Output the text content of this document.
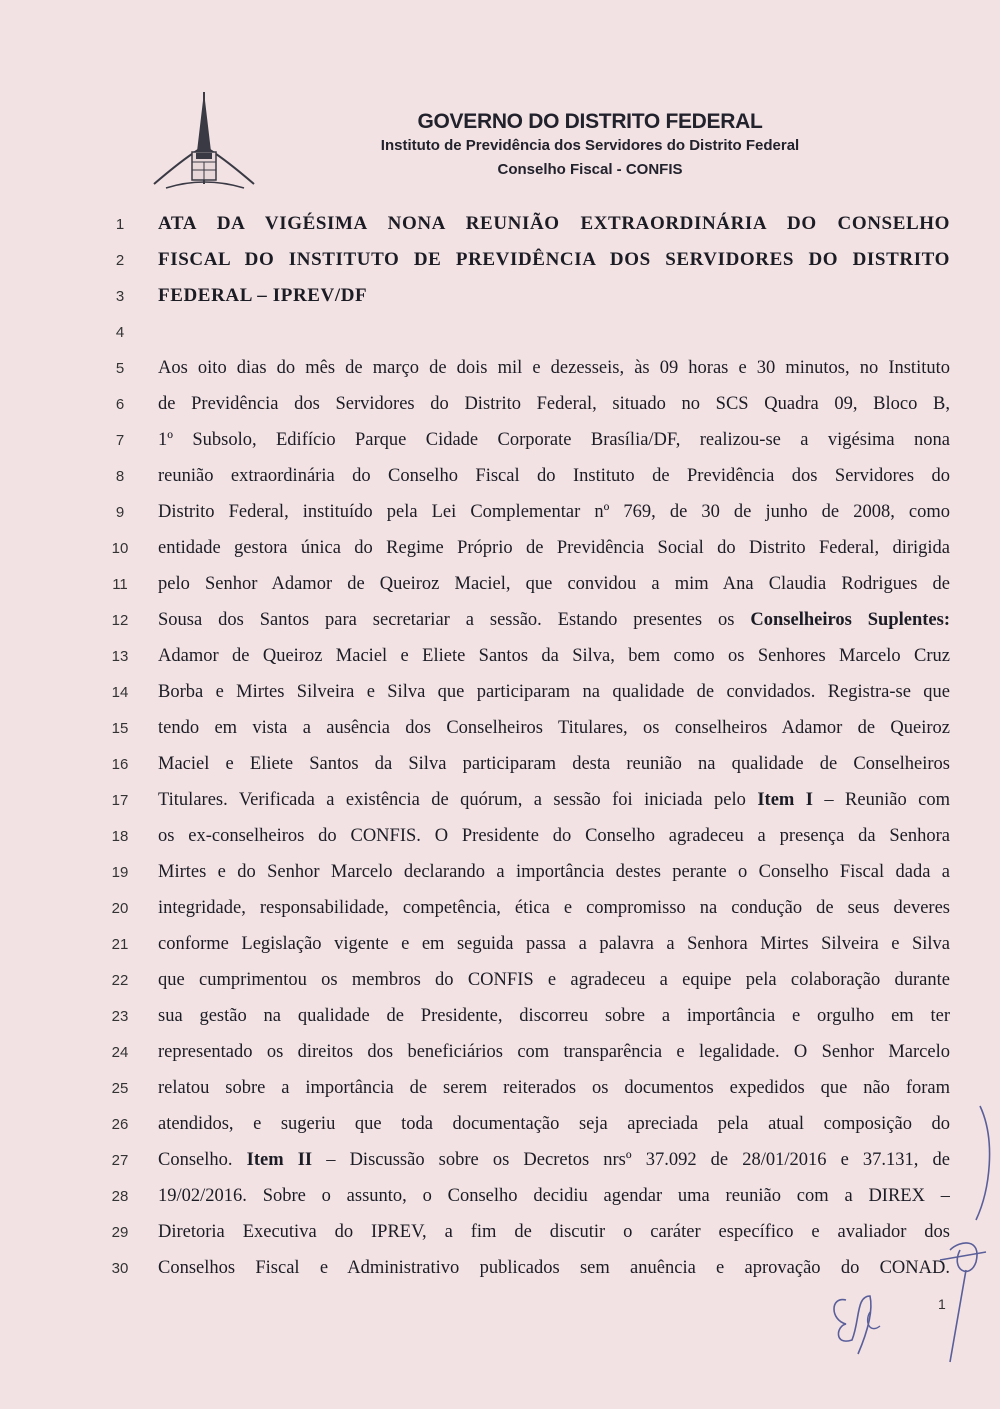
GOVERNO DO DISTRITO FEDERAL
Instituto de Previdência dos Servidores do Distrito Federal
Conselho Fiscal - CONFIS
1	ATA DA VIGÉSIMA NONA REUNIÃO EXTRAORDINÁRIA DO CONSELHO
2	FISCAL DO INSTITUTO DE PREVIDÊNCIA DOS SERVIDORES DO DISTRITO
3	FEDERAL – IPREV/DF
4
5	Aos oito dias do mês de março de dois mil e dezesseis, às 09 horas e 30 minutos, no Instituto
6	de Previdência dos Servidores do Distrito Federal, situado no SCS Quadra 09, Bloco B,
7	1º Subsolo, Edifício Parque Cidade Corporate Brasília/DF, realizou-se a vigésima nona
8	reunião extraordinária do Conselho Fiscal do Instituto de Previdência dos Servidores do
9	Distrito Federal, instituído pela Lei Complementar nº 769, de 30 de junho de 2008, como
10	entidade gestora única do Regime Próprio de Previdência Social do Distrito Federal, dirigida
11	pelo Senhor Adamor de Queiroz Maciel, que convidou a mim Ana Claudia Rodrigues de
12	Sousa dos Santos para secretariar a sessão. Estando presentes os Conselheiros Suplentes:
13	Adamor de Queiroz Maciel e Eliete Santos da Silva, bem como os Senhores Marcelo Cruz
14	Borba e Mirtes Silveira e Silva que participaram na qualidade de convidados. Registra-se que
15	tendo em vista a ausência dos Conselheiros Titulares, os conselheiros Adamor de Queiroz
16	Maciel e Eliete Santos da Silva participaram desta reunião na qualidade de Conselheiros
17	Titulares. Verificada a existência de quórum, a sessão foi iniciada pelo Item I – Reunião com
18	os ex-conselheiros do CONFIS. O Presidente do Conselho agradeceu a presença da Senhora
19	Mirtes e do Senhor Marcelo declarando a importância destes perante o Conselho Fiscal dada a
20	integridade, responsabilidade, competência, ética e compromisso na condução de seus deveres
21	conforme Legislação vigente e em seguida passa a palavra a Senhora Mirtes Silveira e Silva
22	que cumprimentou os membros do CONFIS e agradeceu a equipe pela colaboração durante
23	sua gestão na qualidade de Presidente, discorreu sobre a importância e orgulho em ter
24	representado os direitos dos beneficiários com transparência e legalidade. O Senhor Marcelo
25	relatou sobre a importância de serem reiterados os documentos expedidos que não foram
26	atendidos, e sugeriu que toda documentação seja apreciada pela atual composição do
27	Conselho. Item II – Discussão sobre os Decretos nrsº 37.092 de 28/01/2016 e 37.131, de
28	19/02/2016. Sobre o assunto, o Conselho decidiu agendar uma reunião com a DIREX –
29	Diretoria Executiva do IPREV, a fim de discutir o caráter específico e avaliador dos
30	Conselhos Fiscal e Administrativo publicados sem anuência e aprovação do CONAD.
1
